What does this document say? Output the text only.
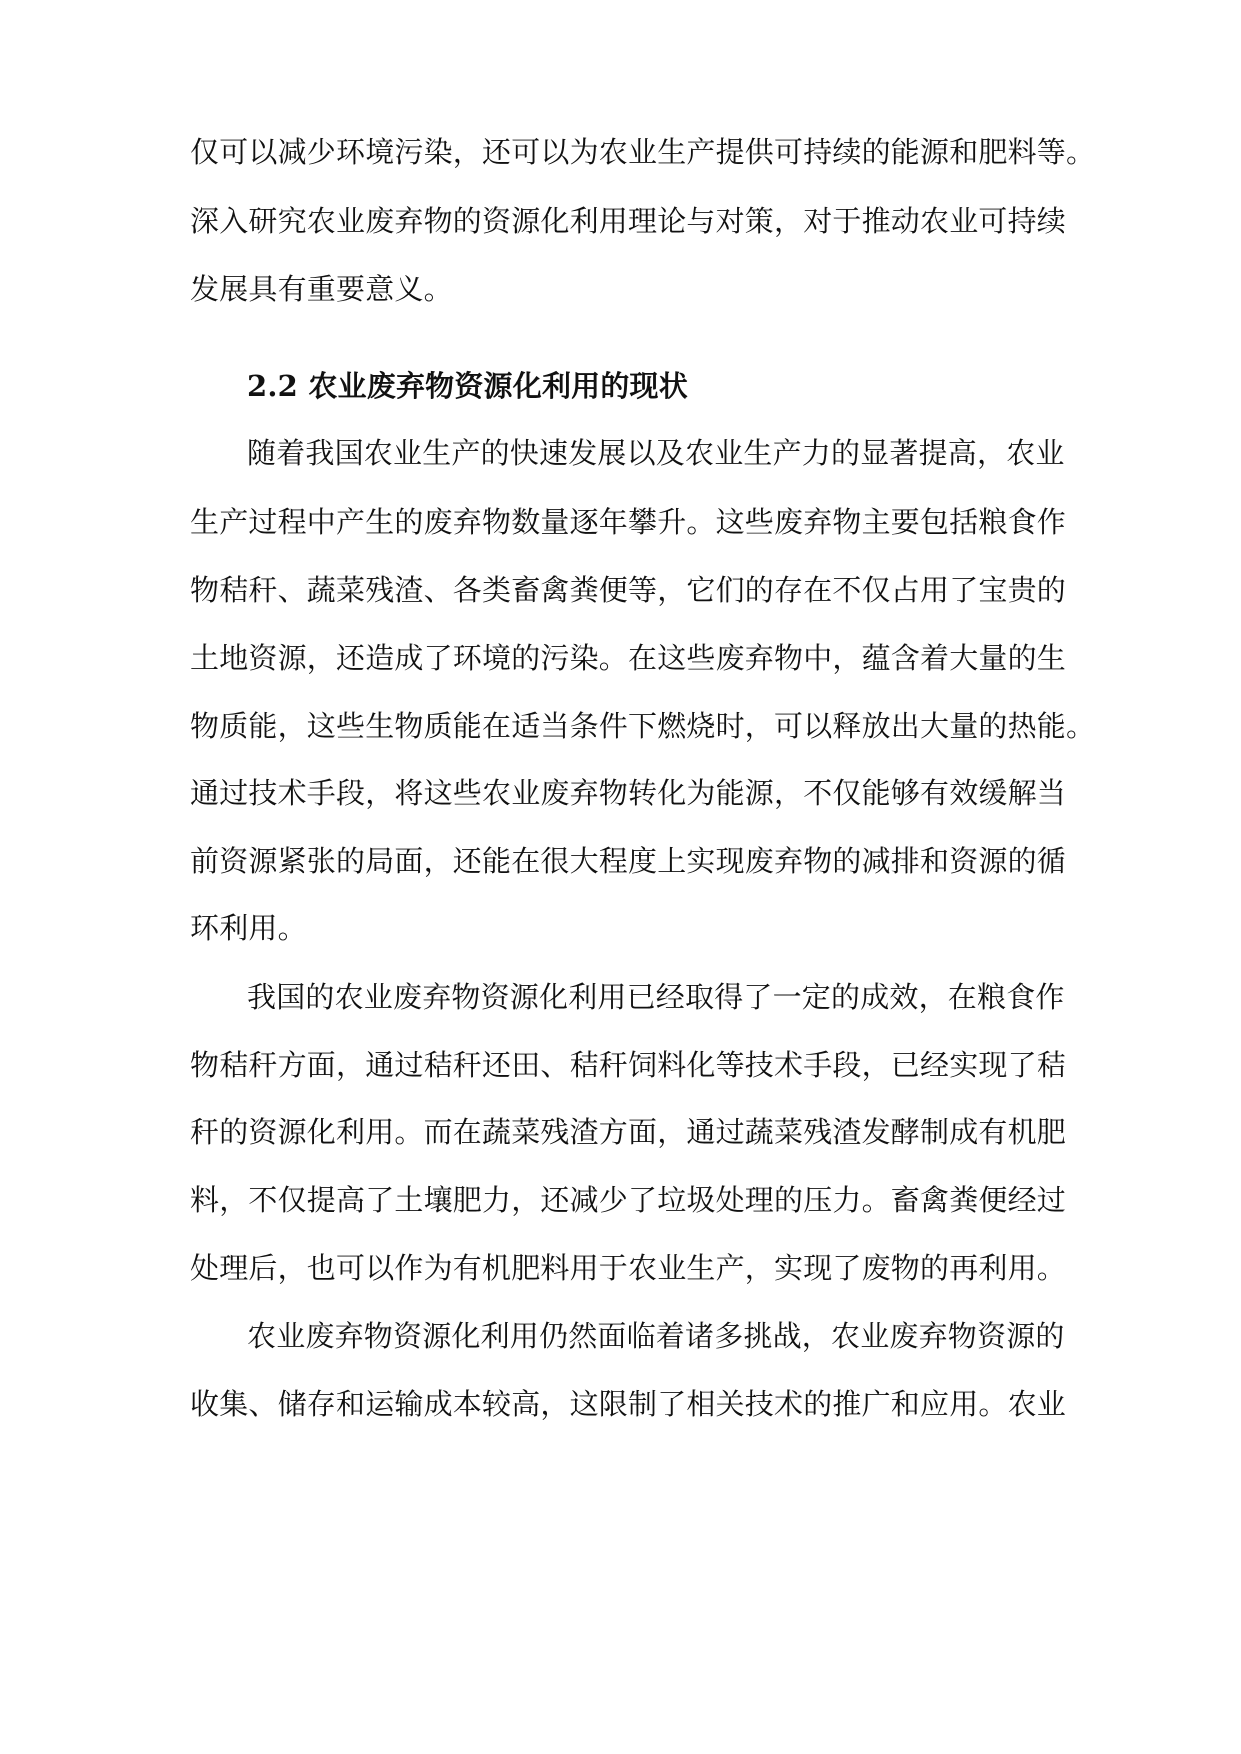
仅可以减少环境污染，还可以为农业生产提供可持续的能源和肥料等。
深入研究农业废弃物的资源化利用理论与对策，对于推动农业可持续
发展具有重要意义。
2.2 农业废弃物资源化利用的现状
随着我国农业生产的快速发展以及农业生产力的显著提高，农业
生产过程中产生的废弃物数量逐年攀升。这些废弃物主要包括粮食作
物秸秆、蔬菜残渣、各类畜禽粪便等，它们的存在不仅占用了宝贵的
土地资源，还造成了环境的污染。在这些废弃物中，蕴含着大量的生
物质能，这些生物质能在适当条件下燃烧时，可以释放出大量的热能。
通过技术手段，将这些农业废弃物转化为能源，不仅能够有效缓解当
前资源紧张的局面，还能在很大程度上实现废弃物的减排和资源的循
环利用。
我国的农业废弃物资源化利用已经取得了一定的成效，在粮食作
物秸秆方面，通过秸秆还田、秸秆饲料化等技术手段，已经实现了秸
秆的资源化利用。而在蔬菜残渣方面，通过蔬菜残渣发酵制成有机肥
料，不仅提高了土壤肥力，还减少了垃圾处理的压力。畜禽粪便经过
处理后，也可以作为有机肥料用于农业生产，实现了废物的再利用。
农业废弃物资源化利用仍然面临着诸多挑战，农业废弃物资源的
收集、储存和运输成本较高，这限制了相关技术的推广和应用。农业
